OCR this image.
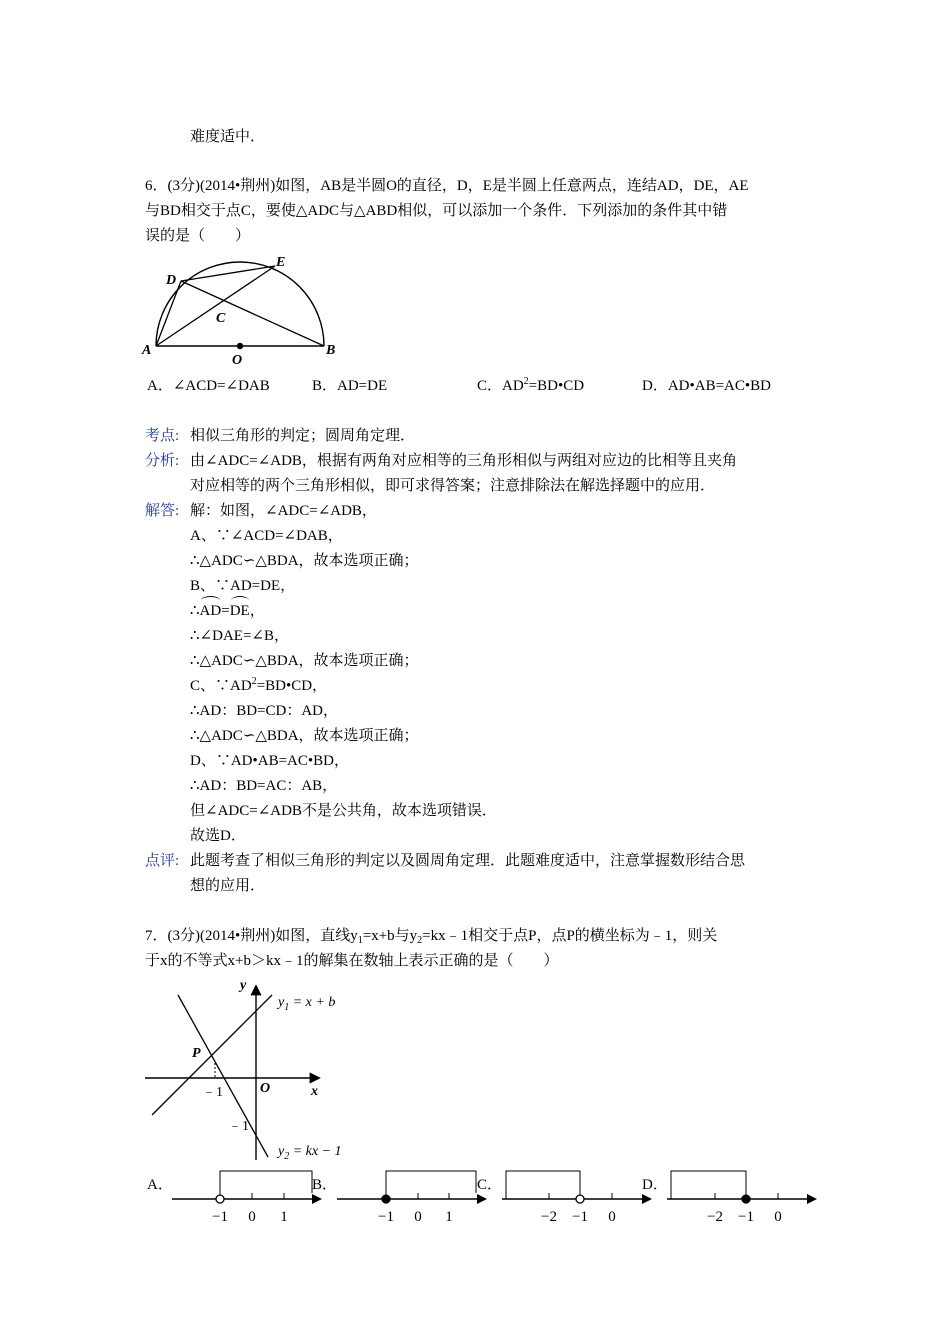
难度适中．
6．(3分)(2014•荆州)如图，AB是半圆O的直径，D，E是半圆上任意两点，连结AD，DE，AE
与BD相交于点C，要使△ADC与△ABD相似，可以添加一个条件．下列添加的条件其中错
误的是（　　）
D
E
C
A
O
B
A．∠ACD=∠DAB	B．AD=DE	C．$AD^2=BD•CD$	D．AD•AB=AC•BD
考点: 相似三角形的判定；圆周角定理．
分析: 由∠ADC=∠ADB，根据有两角对应相等的三角形相似与两组对应边的比相等且夹角
对应相等的两个三角形相似，即可求得答案；注意排除法在解选择题中的应用．
解答: 解：如图，∠ADC=∠ADB，
A、∵∠ACD=∠DAB，
∴△ADC∽△BDA，故本选项正确；
B、∵AD=DE，
∴AD=DE，
∴∠DAE=∠B，
∴△ADC∽△BDA，故本选项正确；
C、$\because AD^2=BD•CD$，
∴AD：BD=CD：AD，
∴△ADC∽△BDA，故本选项正确；
D、∵AD•AB=AC•BD，
∴AD：BD=AC：AB，
但∠ADC=∠ADB不是公共角，故本选项错误．
故选D．
点评: 此题考查了相似三角形的判定以及圆周角定理．此题难度适中，注意掌握数形结合思
想的应用．
7．(3分)(2014•荆州)如图，直线$y_1=x+b$与$y_2=kx﹣1$相交于点P，点P的横坐标为﹣1，则关
于x的不等式x+b＞kx﹣1的解集在数轴上表示正确的是（　　）
y
x
O
P
﹣1
﹣1
$y_1 = x + b$
$y_2$ = kx − 1
A．	B．	C．	D．
−1 0 1	−1 0 1	−2 −1 0	−2 −1 0
